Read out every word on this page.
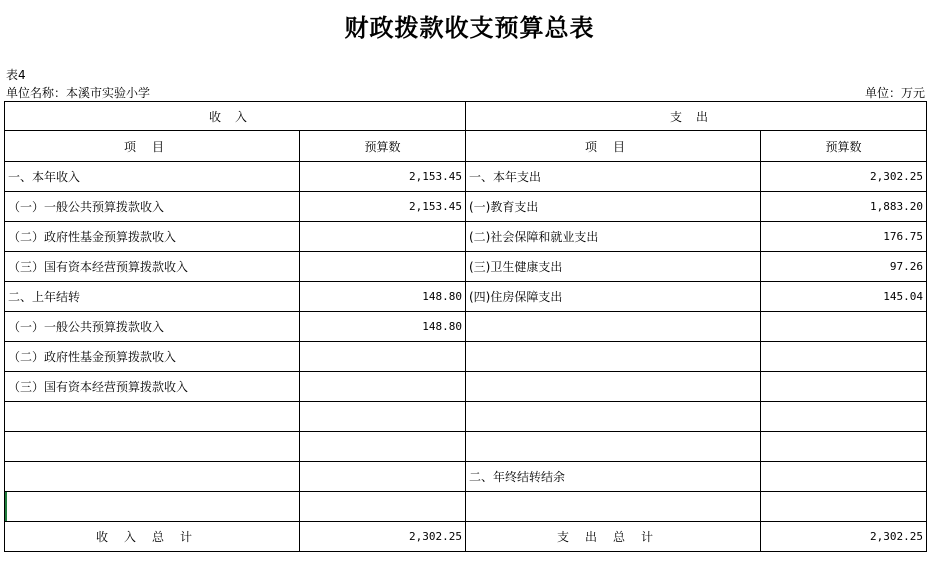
财政拨款收支预算总表
表4
单位名称：本溪市实验小学	单位：万元
收入		支出	
项目	预算数	项目	预算数
一、本年收入	2,153.45	一、本年支出	2,302.25
（一）一般公共预算拨款收入	2,153.45	(一)教育支出	1,883.20
（二）政府性基金预算拨款收入		(二)社会保障和就业支出	176.75
（三）国有资本经营预算拨款收入		(三)卫生健康支出	97.26
二、上年结转	148.80	(四)住房保障支出	145.04
（一）一般公共预算拨款收入	148.80		
（二）政府性基金预算拨款收入			
（三）国有资本经营预算拨款收入			

		二、年终结转结余	

收入总计	2,302.25	支出总计	2,302.25
